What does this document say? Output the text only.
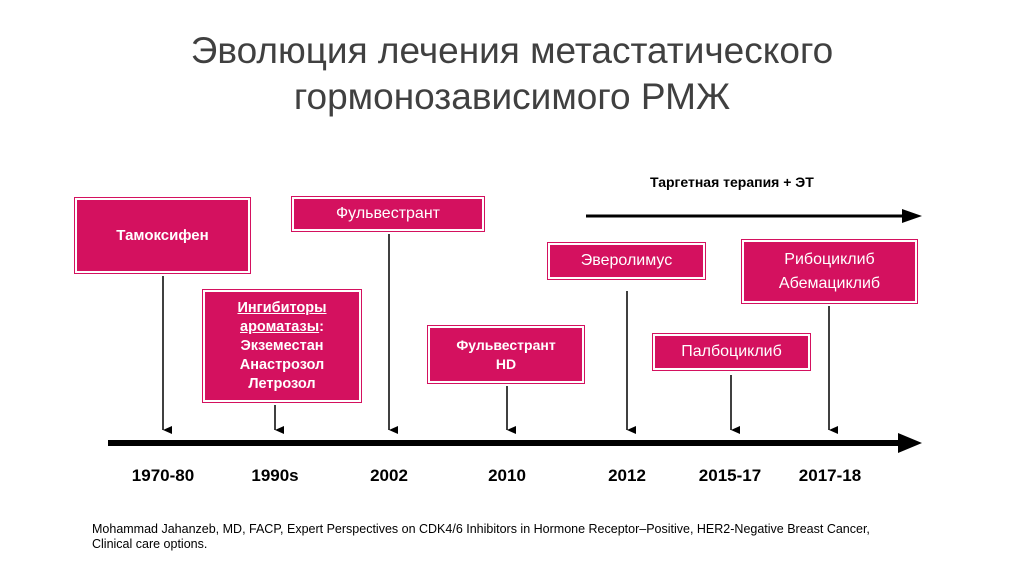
Эволюция лечения метастатического
гормонозависимого РМЖ
Таргетная терапия + ЭТ
Тамоксифен
Ингибиторы ароматазы:
Экземестан
Анастрозол
Летрозол
Фульвестрант
Фульвестрант
HD
Эверолимус
Палбоциклиб
Рибоциклиб
Абемациклиб
1970-80	1990s	2002	2010	2012	2015-17 2017-18
Mohammad Jahanzeb, MD, FACP, Expert Perspectives on CDK4/6 Inhibitors in Hormone Receptor–Positive, HER2-Negative Breast Cancer,
Clinical care options.
